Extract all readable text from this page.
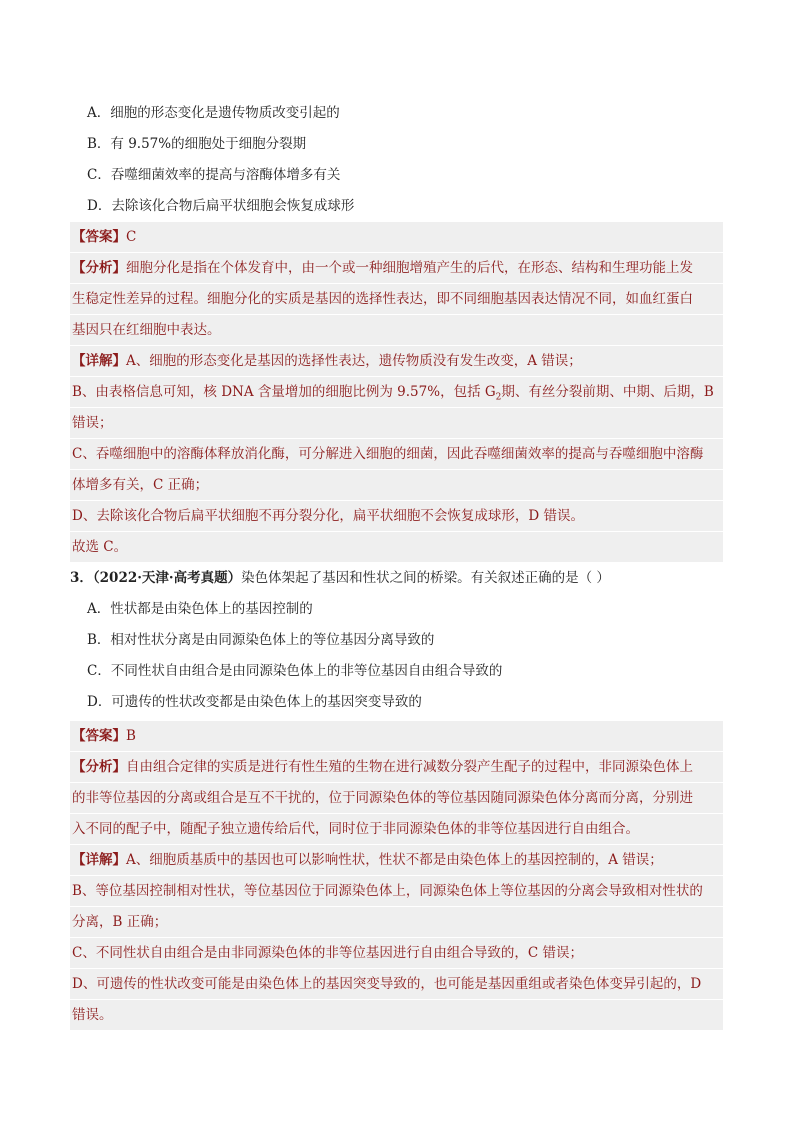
A．细胞的形态变化是遗传物质改变引起的
B．有 9.57%的细胞处于细胞分裂期
C．吞噬细菌效率的提高与溶酶体增多有关
D．去除该化合物后扁平状细胞会恢复成球形
【答案】C
【分析】细胞分化是指在个体发育中，由一个或一种细胞增殖产生的后代，在形态、结构和生理功能上发
生稳定性差异的过程。细胞分化的实质是基因的选择性表达，即不同细胞基因表达情况不同，如血红蛋白
基因只在红细胞中表达。
【详解】A、细胞的形态变化是基因的选择性表达，遗传物质没有发生改变，A 错误；
B、由表格信息可知，核 DNA 含量增加的细胞比例为 9.57%，包括 $G_2$期、有丝分裂前期、中期、后期，B
错误；
C、吞噬细胞中的溶酶体释放消化酶，可分解进入细胞的细菌，因此吞噬细菌效率的提高与吞噬细胞中溶酶
体增多有关，C 正确；
D、去除该化合物后扁平状细胞不再分裂分化，扁平状细胞不会恢复成球形，D 错误。
故选 C。
3．（2022·天津·高考真题）染色体架起了基因和性状之间的桥梁。有关叙述正确的是（ ）
A．性状都是由染色体上的基因控制的
B．相对性状分离是由同源染色体上的等位基因分离导致的
C．不同性状自由组合是由同源染色体上的非等位基因自由组合导致的
D．可遗传的性状改变都是由染色体上的基因突变导致的
【答案】B
【分析】自由组合定律的实质是进行有性生殖的生物在进行减数分裂产生配子的过程中，非同源染色体上
的非等位基因的分离或组合是互不干扰的，位于同源染色体的等位基因随同源染色体分离而分离，分别进
入不同的配子中，随配子独立遗传给后代，同时位于非同源染色体的非等位基因进行自由组合。
【详解】A、细胞质基质中的基因也可以影响性状，性状不都是由染色体上的基因控制的，A 错误；
B、等位基因控制相对性状，等位基因位于同源染色体上，同源染色体上等位基因的分离会导致相对性状的
分离，B 正确；
C、不同性状自由组合是由非同源染色体的非等位基因进行自由组合导致的，C 错误；
D、可遗传的性状改变可能是由染色体上的基因突变导致的，也可能是基因重组或者染色体变异引起的，D
错误。
